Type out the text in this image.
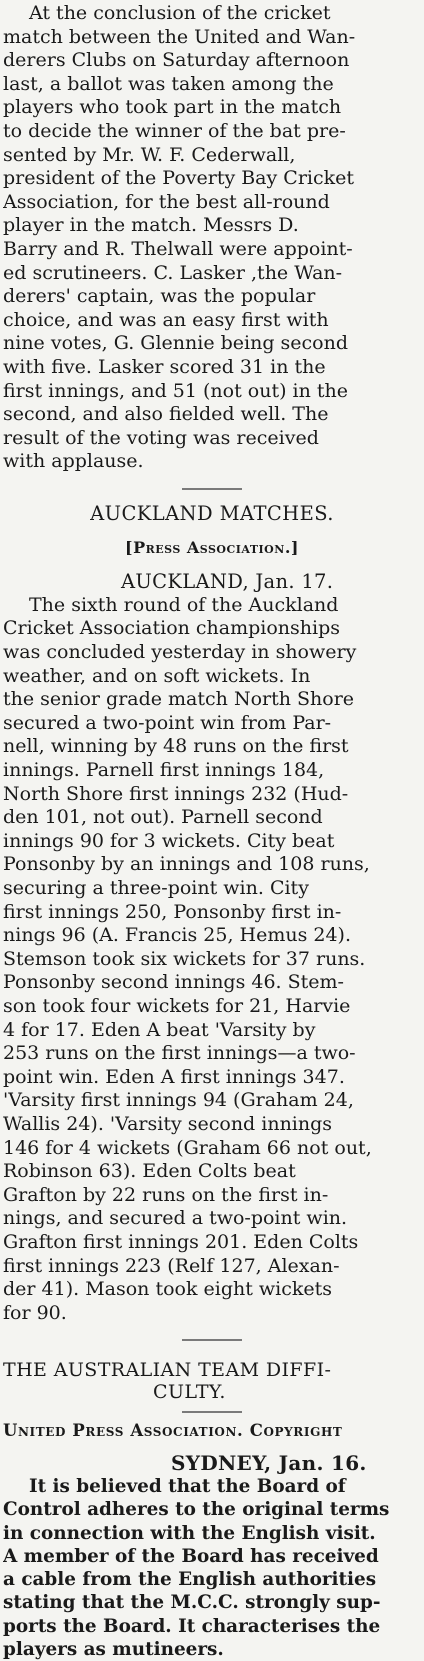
At the conclusion of the cricket
match between the United and Wan-
derers Clubs on Saturday afternoon
last, a ballot was taken among the
players who took part in the match
to decide the winner of the bat pre-
sented by Mr. W. F. Cederwall,
president of the Poverty Bay Cricket
Association, for the best all-round
player in the match. Messrs D.
Barry and R. Thelwall were appoint-
ed scrutineers. C. Lasker ,the Wan-
derers' captain, was the popular
choice, and was an easy first with
nine votes, G. Glennie being second
with five. Lasker scored 31 in the
first innings, and 51 (not out) in the
second, and also fielded well. The
result of the voting was received
with applause.

AUCKLAND MATCHES.

[Press Association.]

AUCKLAND, Jan. 17.

The sixth round of the Auckland
Cricket Association championships
was concluded yesterday in showery
weather, and on soft wickets. In
the senior grade match North Shore
secured a two-point win from Par-
nell, winning by 48 runs on the first
innings. Parnell first innings 184,
North Shore first innings 232 (Hud-
den 101, not out). Parnell second
innings 90 for 3 wickets. City beat
Ponsonby by an innings and 108 runs,
securing a three-point win. City
first innings 250, Ponsonby first in-
nings 96 (A. Francis 25, Hemus 24).
Stemson took six wickets for 37 runs.
Ponsonby second innings 46. Stem-
son took four wickets for 21, Harvie
4 for 17. Eden A beat 'Varsity by
253 runs on the first innings—a two-
point win. Eden A first innings 347.
'Varsity first innings 94 (Graham 24,
Wallis 24). 'Varsity second innings
146 for 4 wickets (Graham 66 not out,
Robinson 63). Eden Colts beat
Grafton by 22 runs on the first in-
nings, and secured a two-point win.
Grafton first innings 201. Eden Colts
first innings 223 (Relf 127, Alexan-
der 41). Mason took eight wickets
for 90.

THE AUSTRALIAN TEAM DIFFI-
CULTY.

United Press Association. Copyright

SYDNEY, Jan. 16.

It is believed that the Board of
Control adheres to the original terms
in connection with the English visit.
A member of the Board has received
a cable from the English authorities
stating that the M.C.C. strongly sup-
ports the Board. It characterises the
players as mutineers.
